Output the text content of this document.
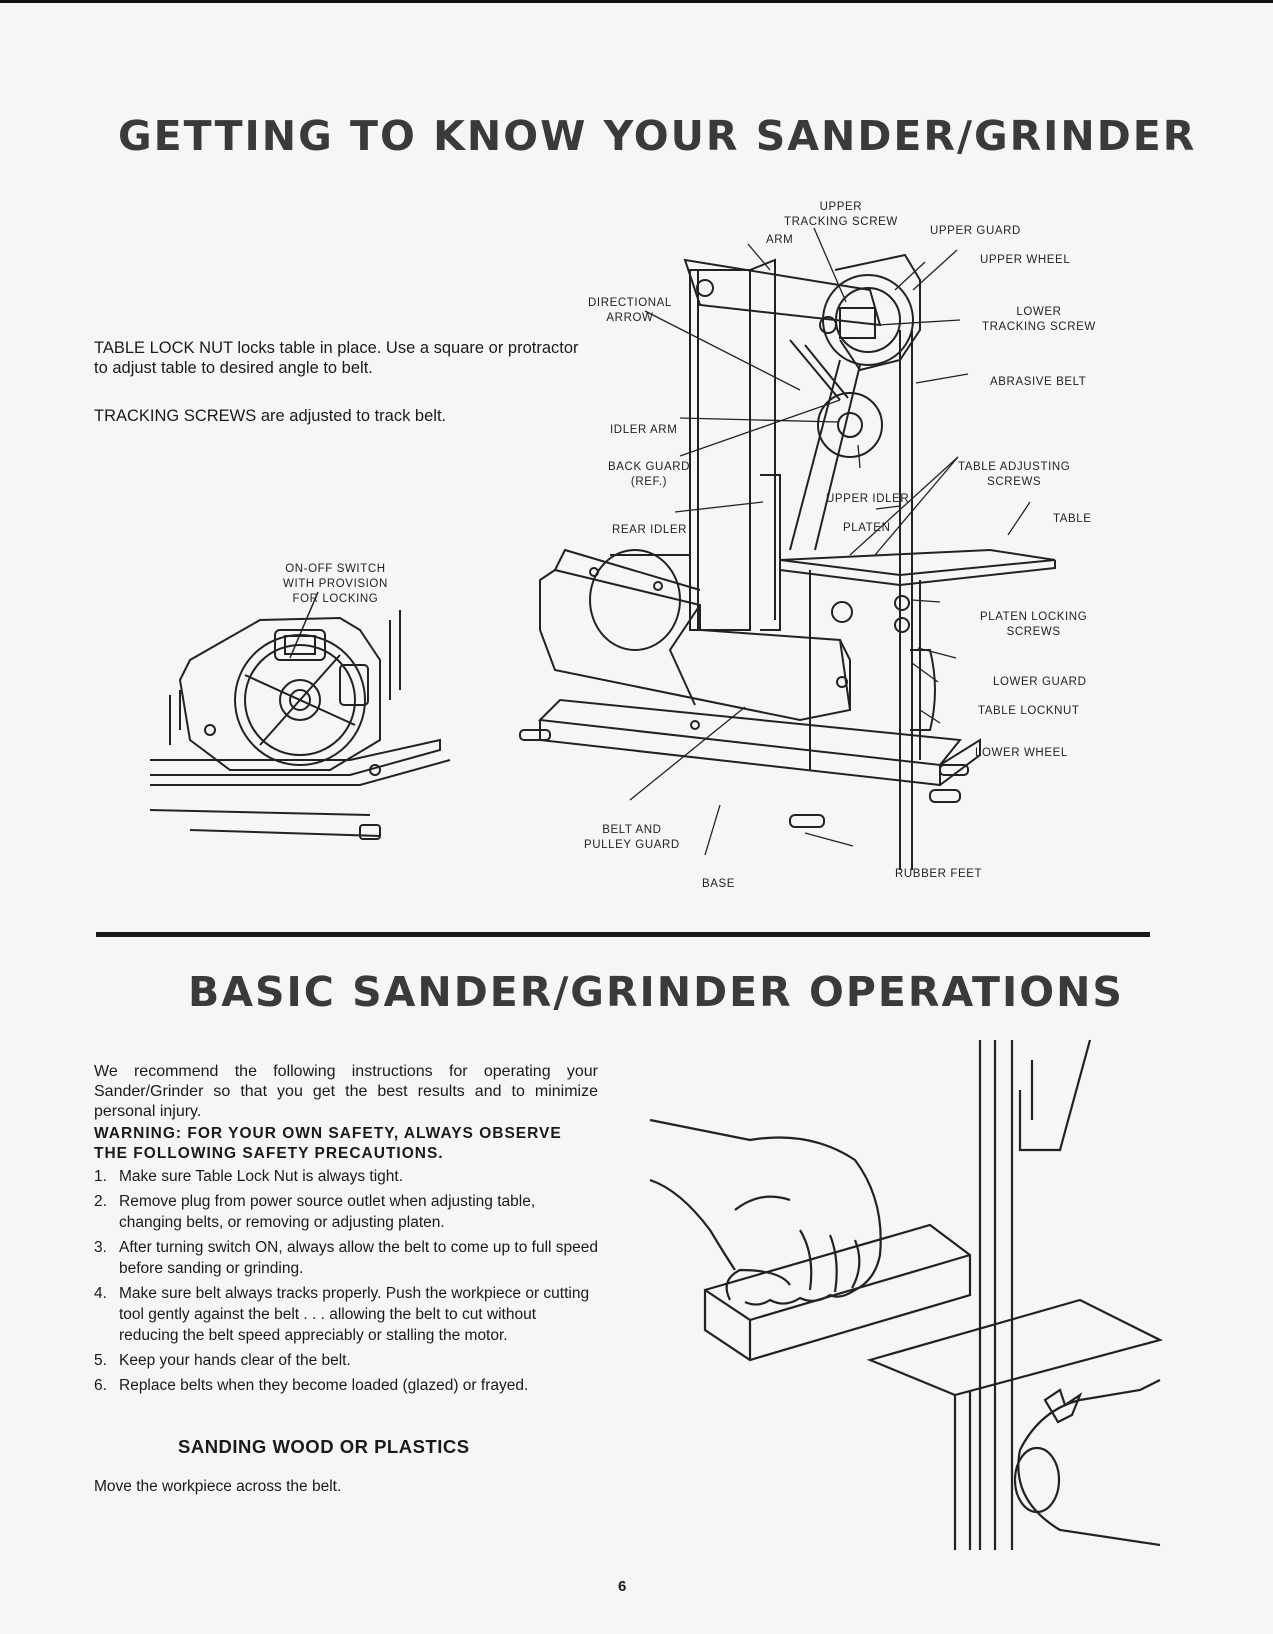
GETTING TO KNOW YOUR SANDER/GRINDER

TABLE LOCK NUT locks table in place. Use a square or protractor to adjust table to desired angle to belt.

TRACKING SCREWS are adjusted to track belt.

ON-OFF SWITCH
WITH PROVISION
FOR LOCKING
UPPER
TRACKING SCREW
ARM
UPPER GUARD
UPPER WHEEL
DIRECTIONAL
ARROW	LOWER
TRACKING SCREW
ABRASIVE BELT
IDLER ARM
BACK GUARD
(REF.)
TABLE ADJUSTING
SCREWS
UPPER IDLER
TABLE
REAR IDLER	PLATEN
PLATEN LOCKING
SCREWS
LOWER GUARD
TABLE LOCKNUT
LOWER WHEEL
BELT AND
PULLEY GUARD
RUBBER FEET
BASE
BASIC SANDER/GRINDER OPERATIONS

We recommend the following instructions for operating your Sander/Grinder so that you get the best results and to minimize personal injury.

WARNING: FOR YOUR OWN SAFETY, ALWAYS OBSERVE THE FOLLOWING SAFETY PRECAUTIONS.

1. Make sure Table Lock Nut is always tight.
2. Remove plug from power source outlet when adjusting table, changing belts, or removing or adjusting platen.
3. After turning switch ON, always allow the belt to come up to full speed before sanding or grinding.
4. Make sure belt always tracks properly. Push the workpiece or cutting tool gently against the belt . . . allowing the belt to cut without reducing the belt speed appreciably or stalling the motor.
5. Keep your hands clear of the belt.
6. Replace belts when they become loaded (glazed) or frayed.
SANDING WOOD OR PLASTICS

Move the workpiece across the belt.

6
